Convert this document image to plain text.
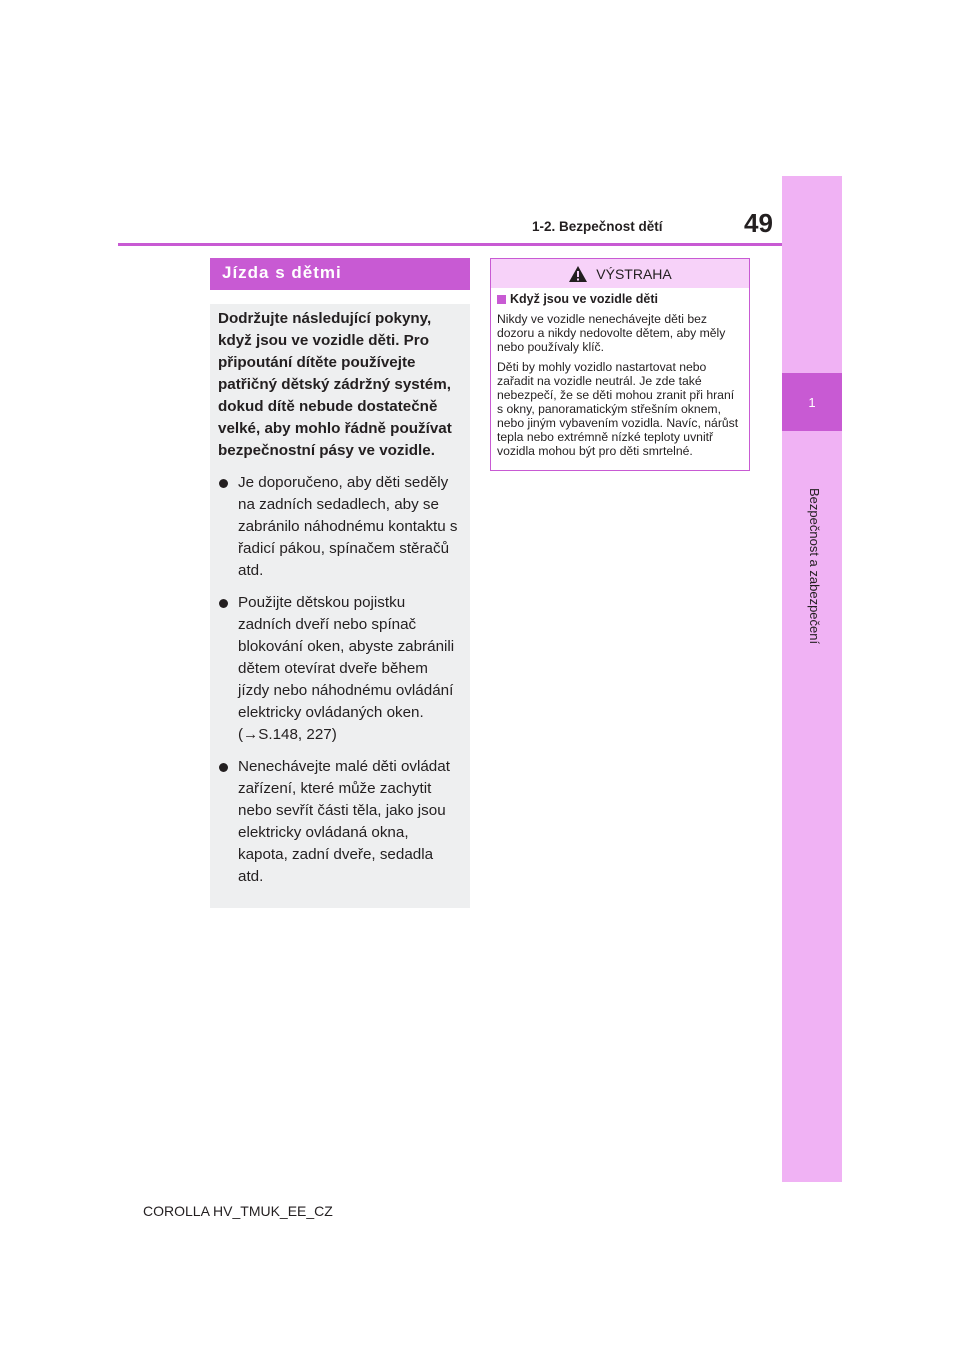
1
Bezpečnost a zabezpečení
1-2. Bezpečnost dětí	49
Jízda s dětmi

Dodržujte následující pokyny, když jsou ve vozidle děti. Pro připoutání dítěte používejte patřičný dětský zádržný systém, dokud dítě nebude dostatečně velké, aby mohlo řádně používat bezpečnostní pásy ve vozidle.

Je doporučeno, aby děti seděly na zadních sedadlech, aby se zabránilo náhodnému kontaktu s řadicí pákou, spínačem stěračů atd.
Použijte dětskou pojistku zadních dveří nebo spínač blokování oken, abyste zabránili dětem otevírat dveře během jízdy nebo náhodnému ovládání elektricky ovládaných oken. (→S.148, 227)
Nenechávejte malé děti ovládat zařízení, které může zachytit nebo sevřít části těla, jako jsou elektricky ovládaná okna, kapota, zadní dveře, sedadla atd.
VÝSTRAHA
Když jsou ve vozidle děti
Nikdy ve vozidle nenechávejte děti bez dozoru a nikdy nedovolte dětem, aby měly nebo používaly klíč.
Děti by mohly vozidlo nastartovat nebo zařadit na vozidle neutrál. Je zde také nebezpečí, že se děti mohou zranit při hraní s okny, panoramatickým střešním oknem, nebo jiným vybavením vozidla. Navíc, nárůst tepla nebo extrémně nízké teploty uvnitř vozidla mohou být pro děti smrtelné.
COROLLA HV_TMUK_EE_CZ
